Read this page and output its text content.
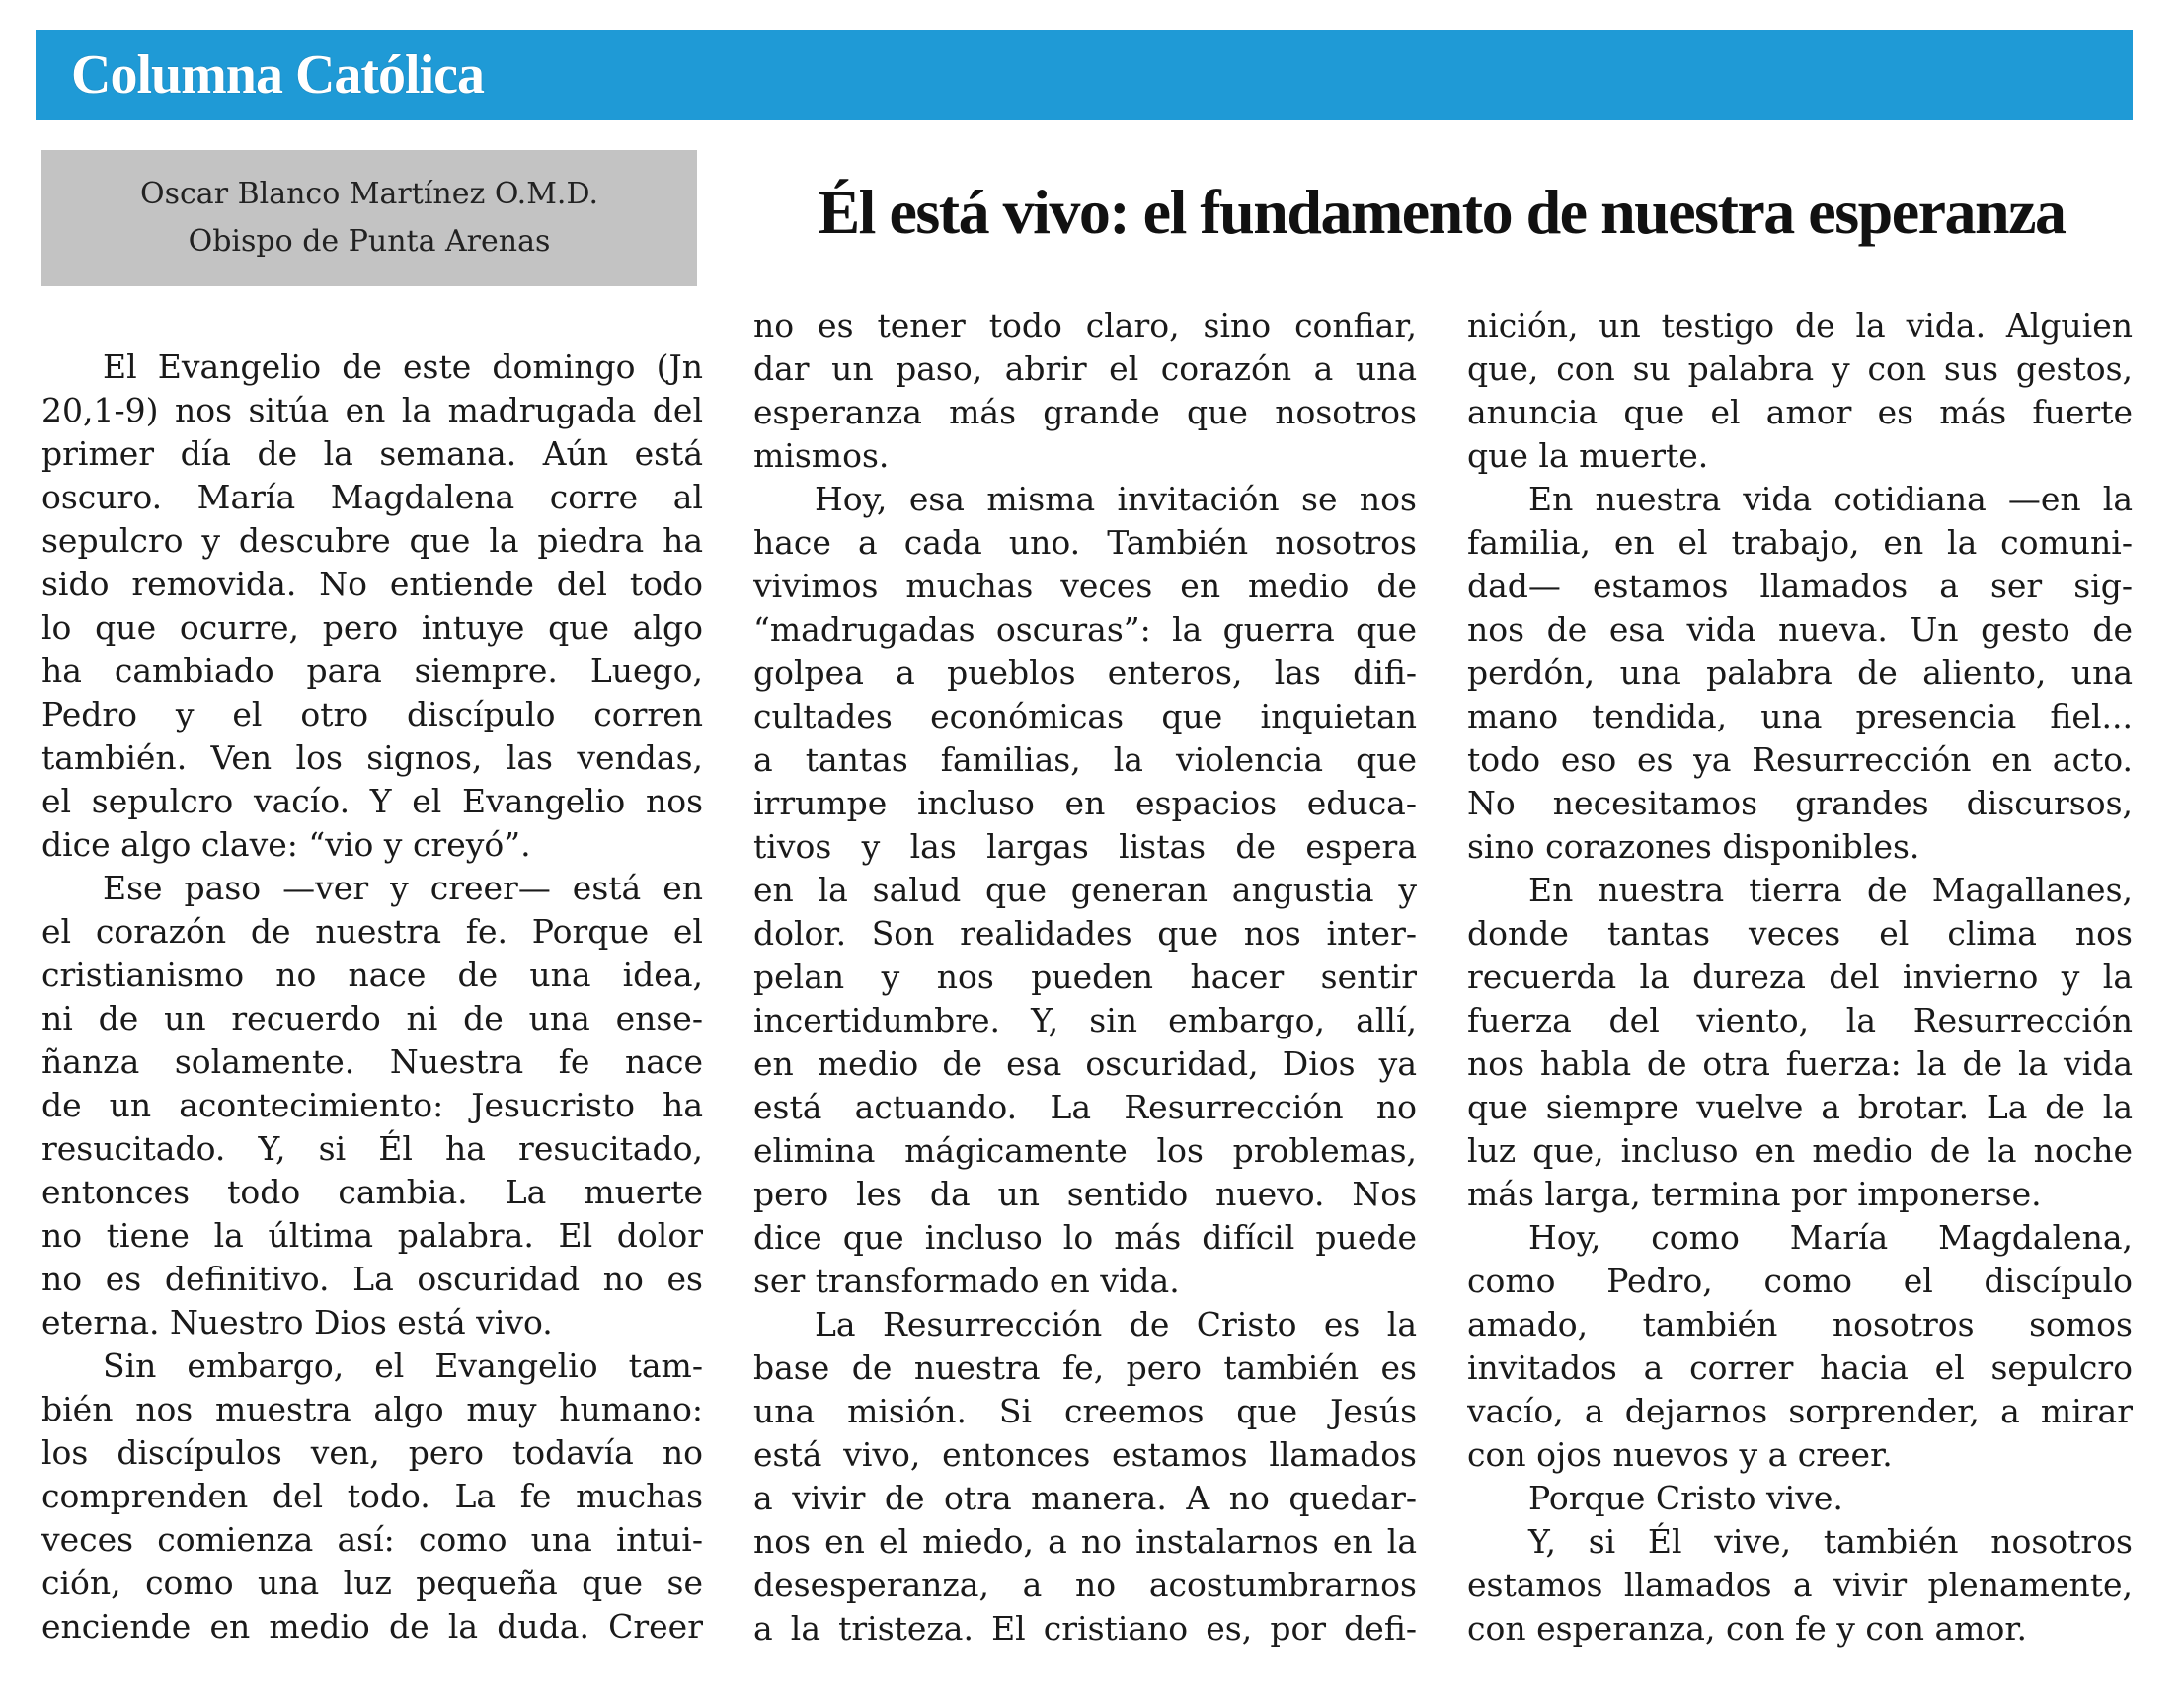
Columna Católica
Oscar Blanco Martínez O.M.D.
Obispo de Punta Arenas	Él está vivo: el fundamento de nuestra esperanza
El Evangelio de este domingo (Jn
20,1-9) nos sitúa en la madrugada del
primer día de la semana. Aún está
oscuro. María Magdalena corre al
sepulcro y descubre que la piedra ha
sido removida. No entiende del todo
lo que ocurre, pero intuye que algo
ha cambiado para siempre. Luego,
Pedro y el otro discípulo corren
también. Ven los signos, las vendas,
el sepulcro vacío. Y el Evangelio nos
dice algo clave: “vio y creyó”.
Ese paso —ver y creer— está en
el corazón de nuestra fe. Porque el
cristianismo no nace de una idea,
ni de un recuerdo ni de una ense-
ñanza solamente. Nuestra fe nace
de un acontecimiento: Jesucristo ha
resucitado. Y, si Él ha resucitado,
entonces todo cambia. La muerte
no tiene la última palabra. El dolor
no es definitivo. La oscuridad no es
eterna. Nuestro Dios está vivo.
Sin embargo, el Evangelio tam-
bién nos muestra algo muy humano:
los discípulos ven, pero todavía no
comprenden del todo. La fe muchas
veces comienza así: como una intui-
ción, como una luz pequeña que se
enciende en medio de la duda. Creer
no es tener todo claro, sino confiar,
dar un paso, abrir el corazón a una
esperanza más grande que nosotros
mismos.
Hoy, esa misma invitación se nos
hace a cada uno. También nosotros
vivimos muchas veces en medio de
“madrugadas oscuras”: la guerra que
golpea a pueblos enteros, las difi-
cultades económicas que inquietan
a tantas familias, la violencia que
irrumpe incluso en espacios educa-
tivos y las largas listas de espera
en la salud que generan angustia y
dolor. Son realidades que nos inter-
pelan y nos pueden hacer sentir
incertidumbre. Y, sin embargo, allí,
en medio de esa oscuridad, Dios ya
está actuando. La Resurrección no
elimina mágicamente los problemas,
pero les da un sentido nuevo. Nos
dice que incluso lo más difícil puede
ser transformado en vida.
La Resurrección de Cristo es la
base de nuestra fe, pero también es
una misión. Si creemos que Jesús
está vivo, entonces estamos llamados
a vivir de otra manera. A no quedar-
nos en el miedo, a no instalarnos en la
desesperanza, a no acostumbrarnos
a la tristeza. El cristiano es, por defi-
nición, un testigo de la vida. Alguien
que, con su palabra y con sus gestos,
anuncia que el amor es más fuerte
que la muerte.
En nuestra vida cotidiana —en la
familia, en el trabajo, en la comuni-
dad— estamos llamados a ser sig-
nos de esa vida nueva. Un gesto de
perdón, una palabra de aliento, una
mano tendida, una presencia fiel...
todo eso es ya Resurrección en acto.
No necesitamos grandes discursos,
sino corazones disponibles.
En nuestra tierra de Magallanes,
donde tantas veces el clima nos
recuerda la dureza del invierno y la
fuerza del viento, la Resurrección
nos habla de otra fuerza: la de la vida
que siempre vuelve a brotar. La de la
luz que, incluso en medio de la noche
más larga, termina por imponerse.
Hoy, como María Magdalena,
como Pedro, como el discípulo
amado, también nosotros somos
invitados a correr hacia el sepulcro
vacío, a dejarnos sorprender, a mirar
con ojos nuevos y a creer.
Porque Cristo vive.
Y, si Él vive, también nosotros
estamos llamados a vivir plenamente,
con esperanza, con fe y con amor.
